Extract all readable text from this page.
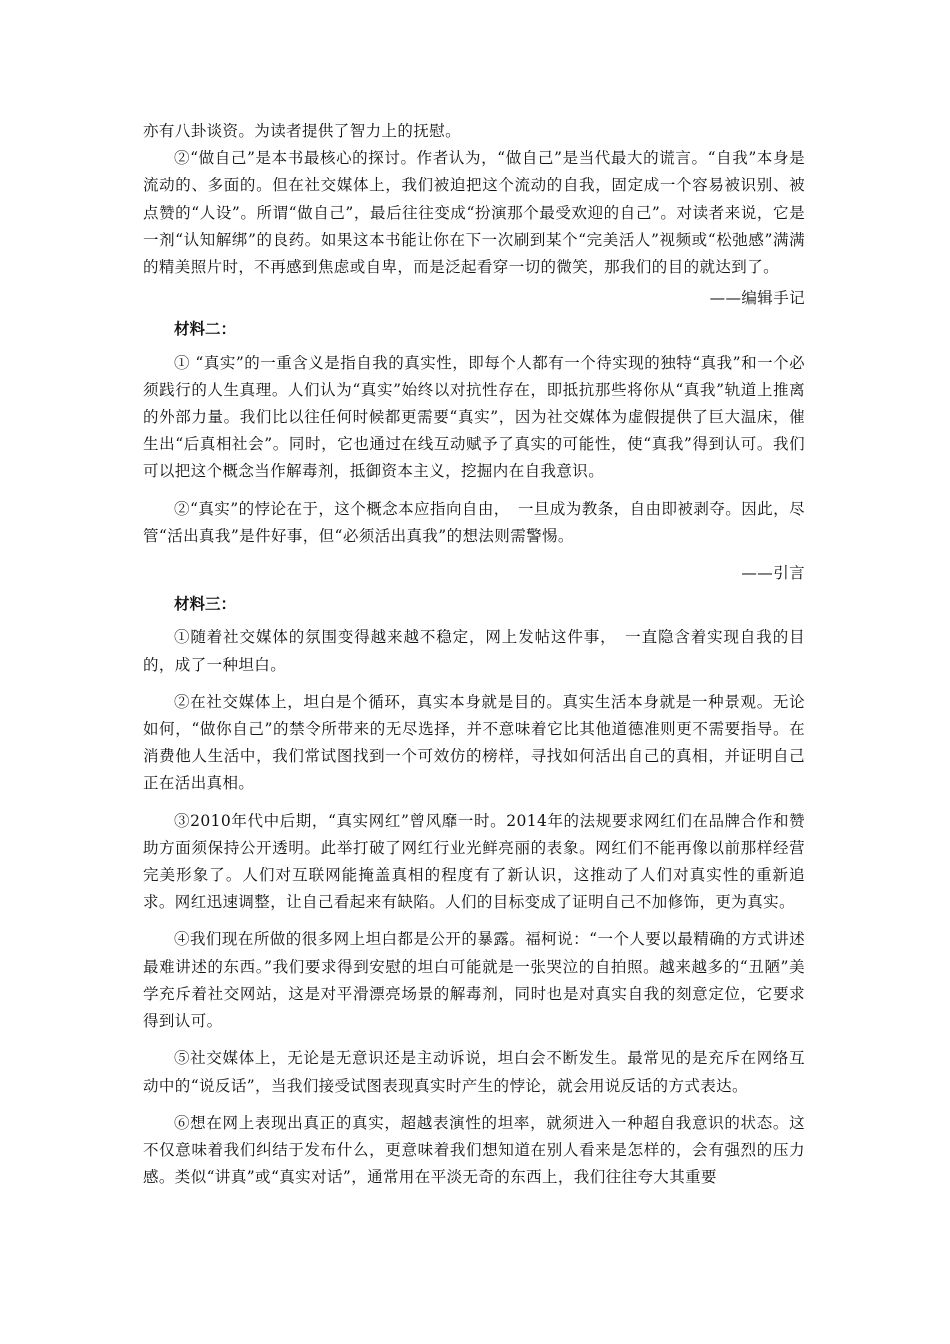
亦有八卦谈资。为读者提供了智力上的抚慰。

②“做自己”是本书最核心的探讨。作者认为，“做自己”是当代最大的谎言。“自我”本身是流动的、多面的。但在社交媒体上，我们被迫把这个流动的自我，固定成一个容易被识别、被点赞的“人设”。所谓“做自己”，最后往往变成“扮演那个最受欢迎的自己”。对读者来说，它是一剂“认知解绑”的良药。如果这本书能让你在下一次刷到某个“完美活人”视频或“松弛感”满满的精美照片时，不再感到焦虑或自卑，而是泛起看穿一切的微笑，那我们的目的就达到了。

——编辑手记

材料二：

① “真实”的一重含义是指自我的真实性，即每个人都有一个待实现的独特“真我”和一个必须践行的人生真理。人们认为“真实”始终以对抗性存在，即抵抗那些将你从“真我”轨道上推离的外部力量。我们比以往任何时候都更需要“真实”，因为社交媒体为虚假提供了巨大温床，催生出“后真相社会”。同时，它也通过在线互动赋予了真实的可能性，使“真我”得到认可。我们可以把这个概念当作解毒剂，抵御资本主义，挖掘内在自我意识。

②“真实”的悖论在于，这个概念本应指向自由，　一旦成为教条，自由即被剥夺。因此，尽管“活出真我”是件好事，但“必须活出真我”的想法则需警惕。

——引言

材料三：

①随着社交媒体的氛围变得越来越不稳定，网上发帖这件事，　一直隐含着实现自我的目的，成了一种坦白。

②在社交媒体上，坦白是个循环，真实本身就是目的。真实生活本身就是一种景观。无论如何，“做你自己”的禁令所带来的无尽选择，并不意味着它比其他道德准则更不需要指导。在消费他人生活中，我们常试图找到一个可效仿的榜样，寻找如何活出自己的真相，并证明自己正在活出真相。

③2010年代中后期，“真实网红”曾风靡一时。2014年的法规要求网红们在品牌合作和赞助方面须保持公开透明。此举打破了网红行业光鲜亮丽的表象。网红们不能再像以前那样经营完美形象了。人们对互联网能掩盖真相的程度有了新认识，这推动了人们对真实性的重新追求。网红迅速调整，让自己看起来有缺陷。人们的目标变成了证明自己不加修饰，更为真实。

④我们现在所做的很多网上坦白都是公开的暴露。福柯说：“一个人要以最精确的方式讲述最难讲述的东西。”我们要求得到安慰的坦白可能就是一张哭泣的自拍照。越来越多的“丑陋”美学充斥着社交网站，这是对平滑漂亮场景的解毒剂，同时也是对真实自我的刻意定位，它要求得到认可。

⑤社交媒体上，无论是无意识还是主动诉说，坦白会不断发生。最常见的是充斥在网络互动中的“说反话”，当我们接受试图表现真实时产生的悖论，就会用说反话的方式表达。

⑥想在网上表现出真正的真实，超越表演性的坦率，就须进入一种超自我意识的状态。这不仅意味着我们纠结于发布什么，更意味着我们想知道在别人看来是怎样的，会有强烈的压力感。类似“讲真”或“真实对话”，通常用在平淡无奇的东西上，我们往往夸大其重要
